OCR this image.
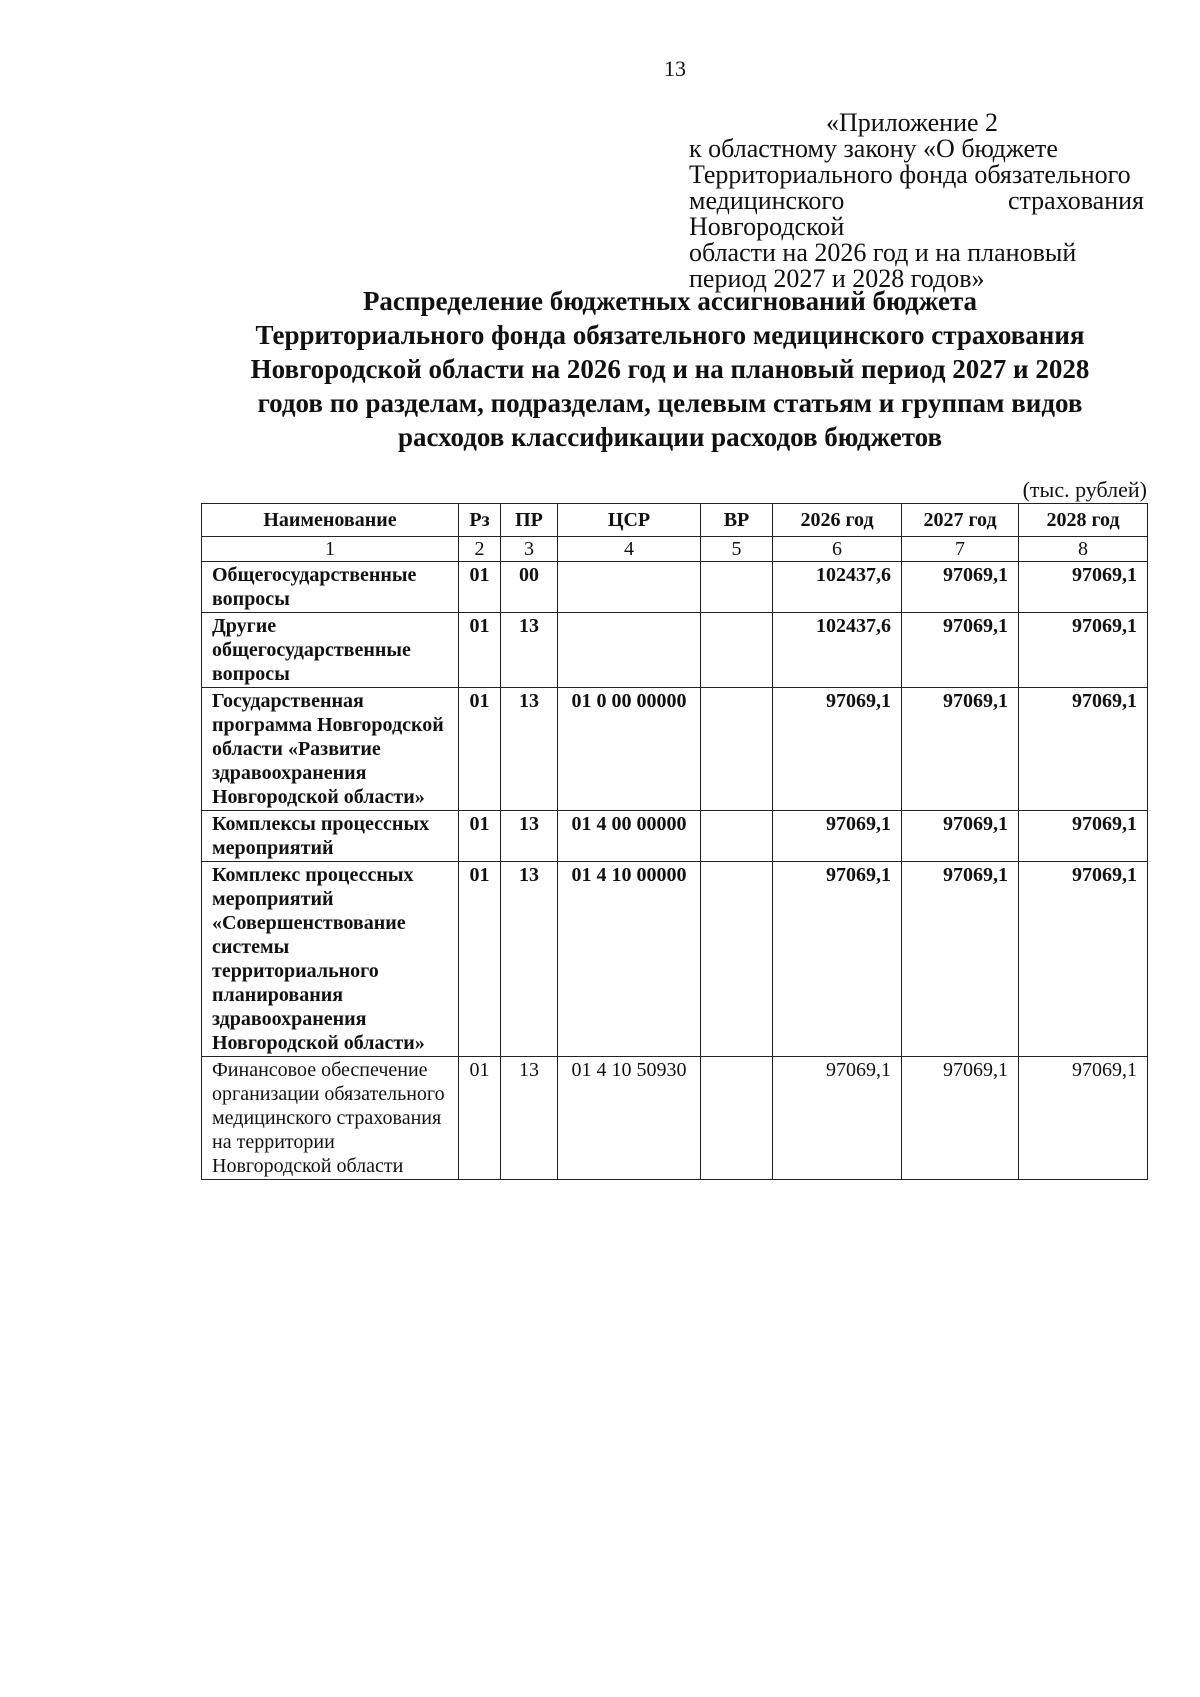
13
«Приложение 2
к областному закону «О бюджете
Территориального фонда обязательного
медицинского страхования Новгородской
области на 2026 год и на плановый
период 2027 и 2028 годов»
Распределение бюджетных ассигнований бюджета
Территориального фонда обязательного медицинского страхования
Новгородской области на 2026 год и на плановый период 2027 и 2028
годов по разделам, подразделам, целевым статьям и группам видов
расходов классификации расходов бюджетов
(тыс. рублей)
Наименование	Рз	ПР	ЦСР	ВР	2026 год	2027 год	2028 год
1	2	3	4	5	6	7	8
Общегосударственные вопросы	01	00			102437,6	97069,1	97069,1
Другие общегосударственные вопросы	01	13			102437,6	97069,1	97069,1
Государственная программа Новгородской области «Развитие здравоохранения Новгородской области»	01	13	01 0 00 00000		97069,1	97069,1	97069,1
Комплексы процессных мероприятий	01	13	01 4 00 00000		97069,1	97069,1	97069,1
Комплекс процессных мероприятий «Совершенствование системы территориального планирования здравоохранения Новгородской области»	01	13	01 4 10 00000		97069,1	97069,1	97069,1
Финансовое обеспечение организации обязательного медицинского страхования на территории Новгородской области	01	13	01 4 10 50930		97069,1	97069,1	97069,1
